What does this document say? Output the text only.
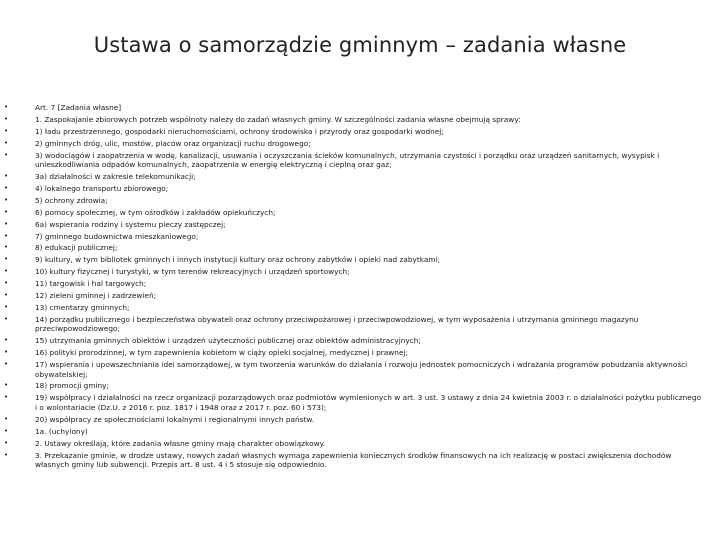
Ustawa o samorządzie gminnym – zadania własne
•	Art. 7 [Zadania własne]
•	1. Zaspokajanie zbiorowych potrzeb wspólnoty należy do zadań własnych gminy. W szczególności zadania własne obejmują sprawy:
•	1) ładu przestrzennego, gospodarki nieruchomościami, ochrony środowiska i przyrody oraz gospodarki wodnej;
•	2) gminnych dróg, ulic, mostów, placów oraz organizacji ruchu drogowego;
•	3) wodociągów i zaopatrzenia w wodę, kanalizacji, usuwania i oczyszczania ścieków komunalnych, utrzymania czystości i porządku oraz urządzeń sanitarnych, wysypisk i unieszkodliwiania odpadów komunalnych, zaopatrzenia w energię elektryczną i cieplną oraz gaz;
•	3a) działalności w zakresie telekomunikacji;
•	4) lokalnego transportu zbiorowego;
•	5) ochrony zdrowia;
•	6) pomocy społecznej, w tym ośrodków i zakładów opiekuńczych;
•	6a) wspierania rodziny i systemu pieczy zastępczej;
•	7) gminnego budownictwa mieszkaniowego;
•	8) edukacji publicznej;
•	9) kultury, w tym bibliotek gminnych i innych instytucji kultury oraz ochrony zabytków i opieki nad zabytkami;
•	10) kultury fizycznej i turystyki, w tym terenów rekreacyjnych i urządzeń sportowych;
•	11) targowisk i hal targowych;
•	12) zieleni gminnej i zadrzewień;
•	13) cmentarzy gminnych;
•	14) porządku publicznego i bezpieczeństwa obywateli oraz ochrony przeciwpożarowej i przeciwpowodziowej, w tym wyposażenia i utrzymania gminnego magazynu przeciwpowodziowego;
•	15) utrzymania gminnych obiektów i urządzeń użyteczności publicznej oraz obiektów administracyjnych;
•	16) polityki prorodzinnej, w tym zapewnienia kobietom w ciąży opieki socjalnej, medycznej i prawnej;
•	17) wspierania i upowszechniania idei samorządowej, w tym tworzenia warunków do działania i rozwoju jednostek pomocniczych i wdrażania programów pobudzania aktywności obywatelskiej;
•	18) promocji gminy;
•	19) współpracy i działalności na rzecz organizacji pozarządowych oraz podmiotów wymienionych w art. 3 ust. 3 ustawy z dnia 24 kwietnia 2003 r. o działalności pożytku publicznego i o wolontariacie (Dz.U. z 2016 r. poz. 1817 i 1948 oraz z 2017 r. poz. 60 i 573);
•	20) współpracy ze społecznościami lokalnymi i regionalnymi innych państw.
•	1a. (uchylony)
•	2. Ustawy określają, które zadania własne gminy mają charakter obowiązkowy.
•	3. Przekazanie gminie, w drodze ustawy, nowych zadań własnych wymaga zapewnienia koniecznych środków finansowych na ich realizację w postaci zwiększenia dochodów własnych gminy lub subwencji. Przepis art. 8 ust. 4 i 5 stosuje się odpowiednio.
